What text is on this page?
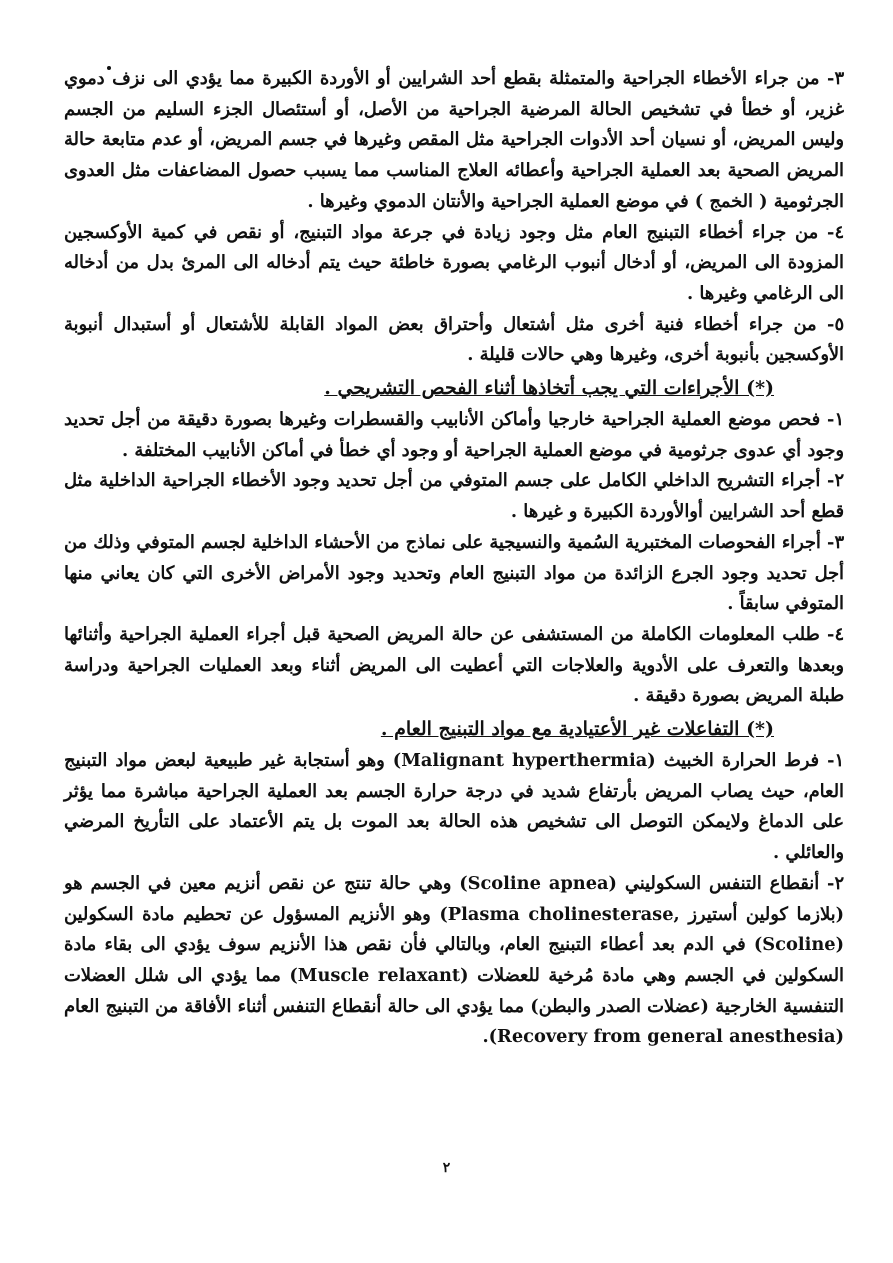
٣- من جراء الأخطاء الجراحية والمتمثلة بقطع أحد الشرايين أو الأوردة الكبيرة مما يؤدي الى نزف دموي غزير، أو خطأ في تشخيص الحالة المرضية الجراحية من الأصل، أو أستئصال الجزء السليم من الجسم وليس المريض، أو نسيان أحد الأدوات الجراحية مثل المقص وغيرها في جسم المريض، أو عدم متابعة حالة المريض الصحية بعد العملية الجراحية وأعطائه العلاج المناسب مما يسبب حصول المضاعفات مثل العدوى الجرثومية ( الخمج ) في موضع العملية الجراحية والأنتان الدموي وغيرها .

٤- من جراء أخطاء التبنيج العام مثل وجود زيادة في جرعة مواد التبنيج، أو نقص في كمية الأوكسجين المزودة الى المريض، أو أدخال أنبوب الرغامي بصورة خاطئة حيث يتم أدخاله الى المرئ بدل من أدخاله الى الرغامي وغيرها .

٥- من جراء أخطاء فنية أخرى مثل أشتعال وأحتراق بعض المواد القابلة للأشتعال أو أستبدال أنبوبة الأوكسجين بأنبوبة أخرى، وغيرها وهي حالات قليلة .

(*) الأجراءات التي يجب أتخاذها أثناء الفحص التشريحي .

١- فحص موضع العملية الجراحية خارجيا وأماكن الأنابيب والقسطرات وغيرها بصورة دقيقة من أجل تحديد وجود أي عدوى جرثومية في موضع العملية الجراحية أو وجود أي خطأ في أماكن الأنابيب المختلفة .

٢- أجراء التشريح الداخلي الكامل على جسم المتوفي من أجل تحديد وجود الأخطاء الجراحية الداخلية مثل قطع أحد الشرايين أوالأوردة الكبيرة و غيرها .

٣- أجراء الفحوصات المختبرية السُمية والنسيجية على نماذج من الأحشاء الداخلية لجسم المتوفي وذلك من أجل تحديد وجود الجرع الزائدة من مواد التبنيج العام وتحديد وجود الأمراض الأخرى التي كان يعاني منها المتوفي سابقاً .

٤- طلب المعلومات الكاملة من المستشفى عن حالة المريض الصحية قبل أجراء العملية الجراحية وأثنائها وبعدها والتعرف على الأدوية والعلاجات التي أعطيت الى المريض أثناء وبعد العمليات الجراحية ودراسة طبلة المريض بصورة دقيقة .

(*) التفاعلات غير الأعتيادية مع مواد التبنيج العام .

١- فرط الحرارة الخبيث (Malignant hyperthermia) وهو أستجابة غير طبيعية لبعض مواد التبنيج العام، حيث يصاب المريض بأرتفاع شديد في درجة حرارة الجسم بعد العملية الجراحية مباشرة مما يؤثر على الدماغ ولايمكن التوصل الى تشخيص هذه الحالة بعد الموت بل يتم الأعتماد على التأريخ المرضي والعائلي .

٢- أنقطاع التنفس السكوليني (Scoline apnea) وهي حالة تنتج عن نقص أنزيم معين في الجسم هو (بلازما كولين أستيرز ,Plasma cholinesterase) وهو الأنزيم المسؤول عن تحطيم مادة السكولين (Scoline) في الدم بعد أعطاء التبنيج العام، وبالتالي فأن نقص هذا الأنزيم سوف يؤدي الى بقاء مادة السكولين في الجسم وهي مادة مُرخية للعضلات (Muscle relaxant) مما يؤدي الى شلل العضلات التنفسية الخارجية (عضلات الصدر والبطن) مما يؤدي الى حالة أنقطاع التنفس أثناء الأفاقة من التبنيج العام (Recovery from general anesthesia).

٢
